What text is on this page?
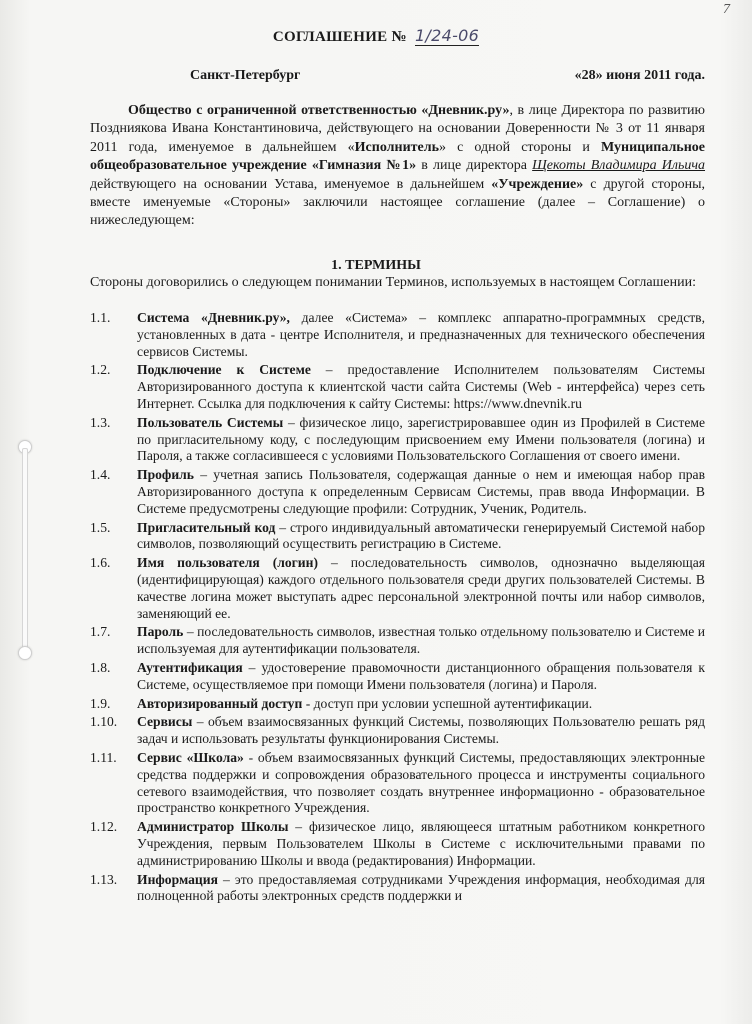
7
СОГЛАШЕНИЕ № 1/24-06
Санкт-Петербург	«28» июня 2011 года.

Общество с ограниченной ответственностью «Дневник.ру», в лице Директора по развитию Поздниякова Ивана Константиновича, действующего на основании Доверенности № 3 от 11 января 2011 года, именуемое в дальнейшем «Исполнитель» с одной стороны и Муниципальное общеобразовательное учреждение «Гимназия №1» в лице директора Щекоты Владимира Ильича действующего на основании Устава, именуемое в дальнейшем «Учреждение» с другой стороны, вместе именуемые «Стороны» заключили настоящее соглашение (далее – Соглашение) о нижеследующем:

1. ТЕРМИНЫ
Стороны договорились о следующем понимании Терминов, используемых в настоящем Соглашении:
1.1.	Система «Дневник.ру», далее «Система» – комплекс аппаратно-программных средств, установленных в дата - центре Исполнителя, и предназначенных для технического обеспечения сервисов Системы.
1.2.	Подключение к Системе – предоставление Исполнителем пользователям Системы Авторизированного доступа к клиентской части сайта Системы (Web - интерфейса) через сеть Интернет. Ссылка для подключения к сайту Системы: https://www.dnevnik.ru
1.3.	Пользователь Системы – физическое лицо, зарегистрировавшее один из Профилей в Системе по пригласительному коду, с последующим присвоением ему Имени пользователя (логина) и Пароля, а также согласившееся с условиями Пользовательского Соглашения от своего имени.
1.4.	Профиль – учетная запись Пользователя, содержащая данные о нем и имеющая набор прав Авторизированного доступа к определенным Сервисам Системы, прав ввода Информации. В Системе предусмотрены следующие профили: Сотрудник, Ученик, Родитель.
1.5.	Пригласительный код – строго индивидуальный автоматически генерируемый Системой набор символов, позволяющий осуществить регистрацию в Системе.
1.6.	Имя пользователя (логин) – последовательность символов, однозначно выделяющая (идентифицирующая) каждого отдельного пользователя среди других пользователей Системы. В качестве логина может выступать адрес персональной электронной почты или набор символов, заменяющий ее.
1.7.	Пароль – последовательность символов, известная только отдельному пользователю и Системе и используемая для аутентификации пользователя.
1.8.	Аутентификация – удостоверение правомочности дистанционного обращения пользователя к Системе, осуществляемое при помощи Имени пользователя (логина) и Пароля.
1.9.	Авторизированный доступ - доступ при условии успешной аутентификации.
1.10.	Сервисы – объем взаимосвязанных функций Системы, позволяющих Пользователю решать ряд задач и использовать результаты функционирования Системы.
1.11.	Сервис «Школа» - объем взаимосвязанных функций Системы, предоставляющих электронные средства поддержки и сопровождения образовательного процесса и инструменты социального сетевого взаимодействия, что позволяет создать внутреннее информационно - образовательное пространство конкретного Учреждения.
1.12.	Администратор Школы – физическое лицо, являющееся штатным работником конкретного Учреждения, первым Пользователем Школы в Системе с исключительными правами по администрированию Школы и ввода (редактирования) Информации.
1.13.	Информация – это предоставляемая сотрудниками Учреждения информация, необходимая для полноценной работы электронных средств поддержки и
